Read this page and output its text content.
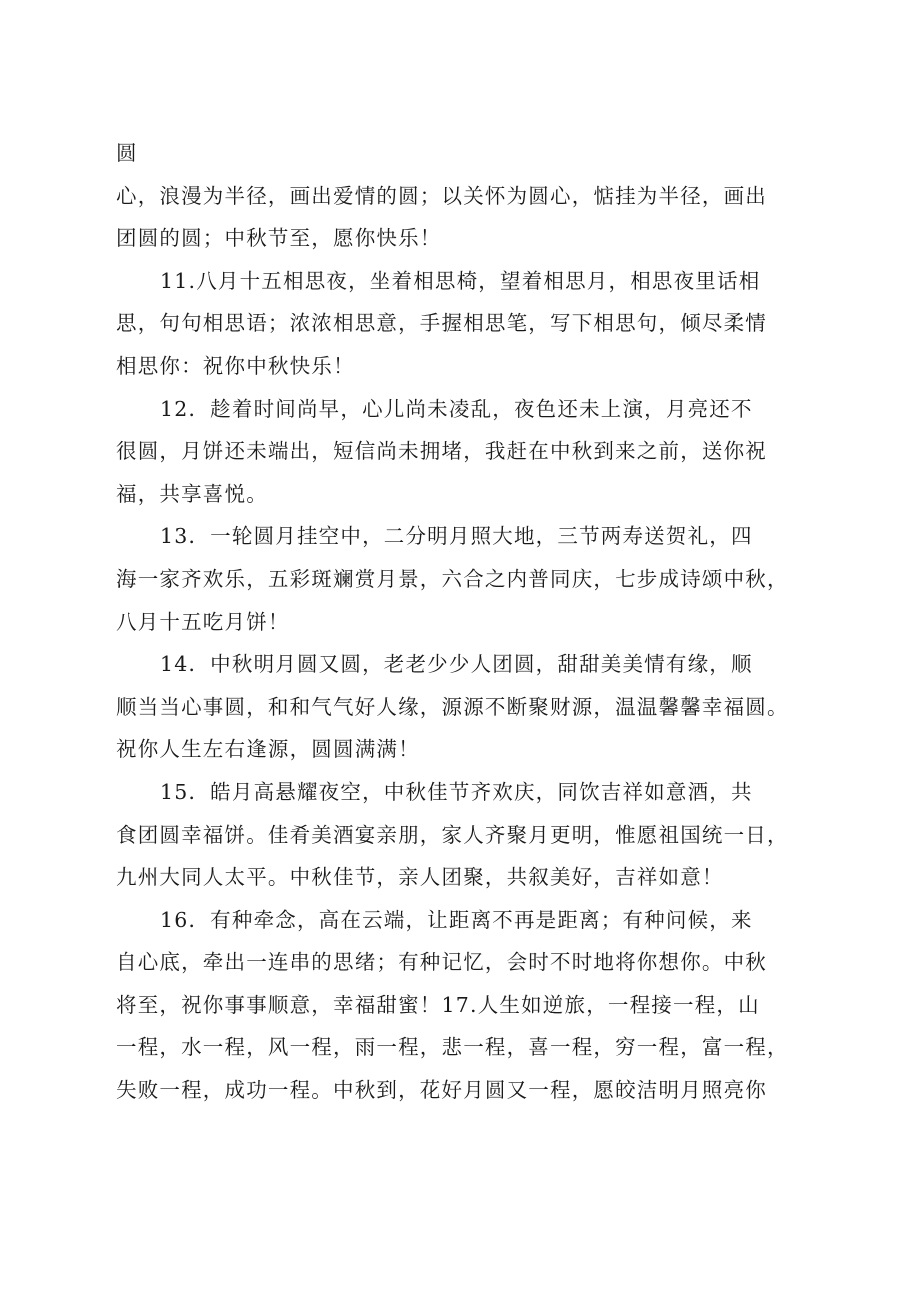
圆
心，浪漫为半径，画出爱情的圆；以关怀为圆心，惦挂为半径，画出
团圆的圆；中秋节至，愿你快乐！
11.八月十五相思夜，坐着相思椅，望着相思月，相思夜里话相
思，句句相思语；浓浓相思意，手握相思笔，写下相思句，倾尽柔情
相思你：祝你中秋快乐！
12．趁着时间尚早，心儿尚未凌乱，夜色还未上演，月亮还不
很圆，月饼还未端出，短信尚未拥堵，我赶在中秋到来之前，送你祝
福，共享喜悦。
13．一轮圆月挂空中，二分明月照大地，三节两寿送贺礼，四
海一家齐欢乐，五彩斑斓赏月景，六合之内普同庆，七步成诗颂中秋，
八月十五吃月饼！
14．中秋明月圆又圆，老老少少人团圆，甜甜美美情有缘，顺
顺当当心事圆，和和气气好人缘，源源不断聚财源，温温馨馨幸福圆。
祝你人生左右逢源，圆圆满满！
15．皓月高悬耀夜空，中秋佳节齐欢庆，同饮吉祥如意酒，共
食团圆幸福饼。佳肴美酒宴亲朋，家人齐聚月更明，惟愿祖国统一日，
九州大同人太平。中秋佳节，亲人团聚，共叙美好，吉祥如意！
16．有种牵念，高在云端，让距离不再是距离；有种问候，来
自心底，牵出一连串的思绪；有种记忆，会时不时地将你想你。中秋
将至，祝你事事顺意，幸福甜蜜！17.人生如逆旅，一程接一程，山
一程，水一程，风一程，雨一程，悲一程，喜一程，穷一程，富一程，
失败一程，成功一程。中秋到，花好月圆又一程，愿皎洁明月照亮你
